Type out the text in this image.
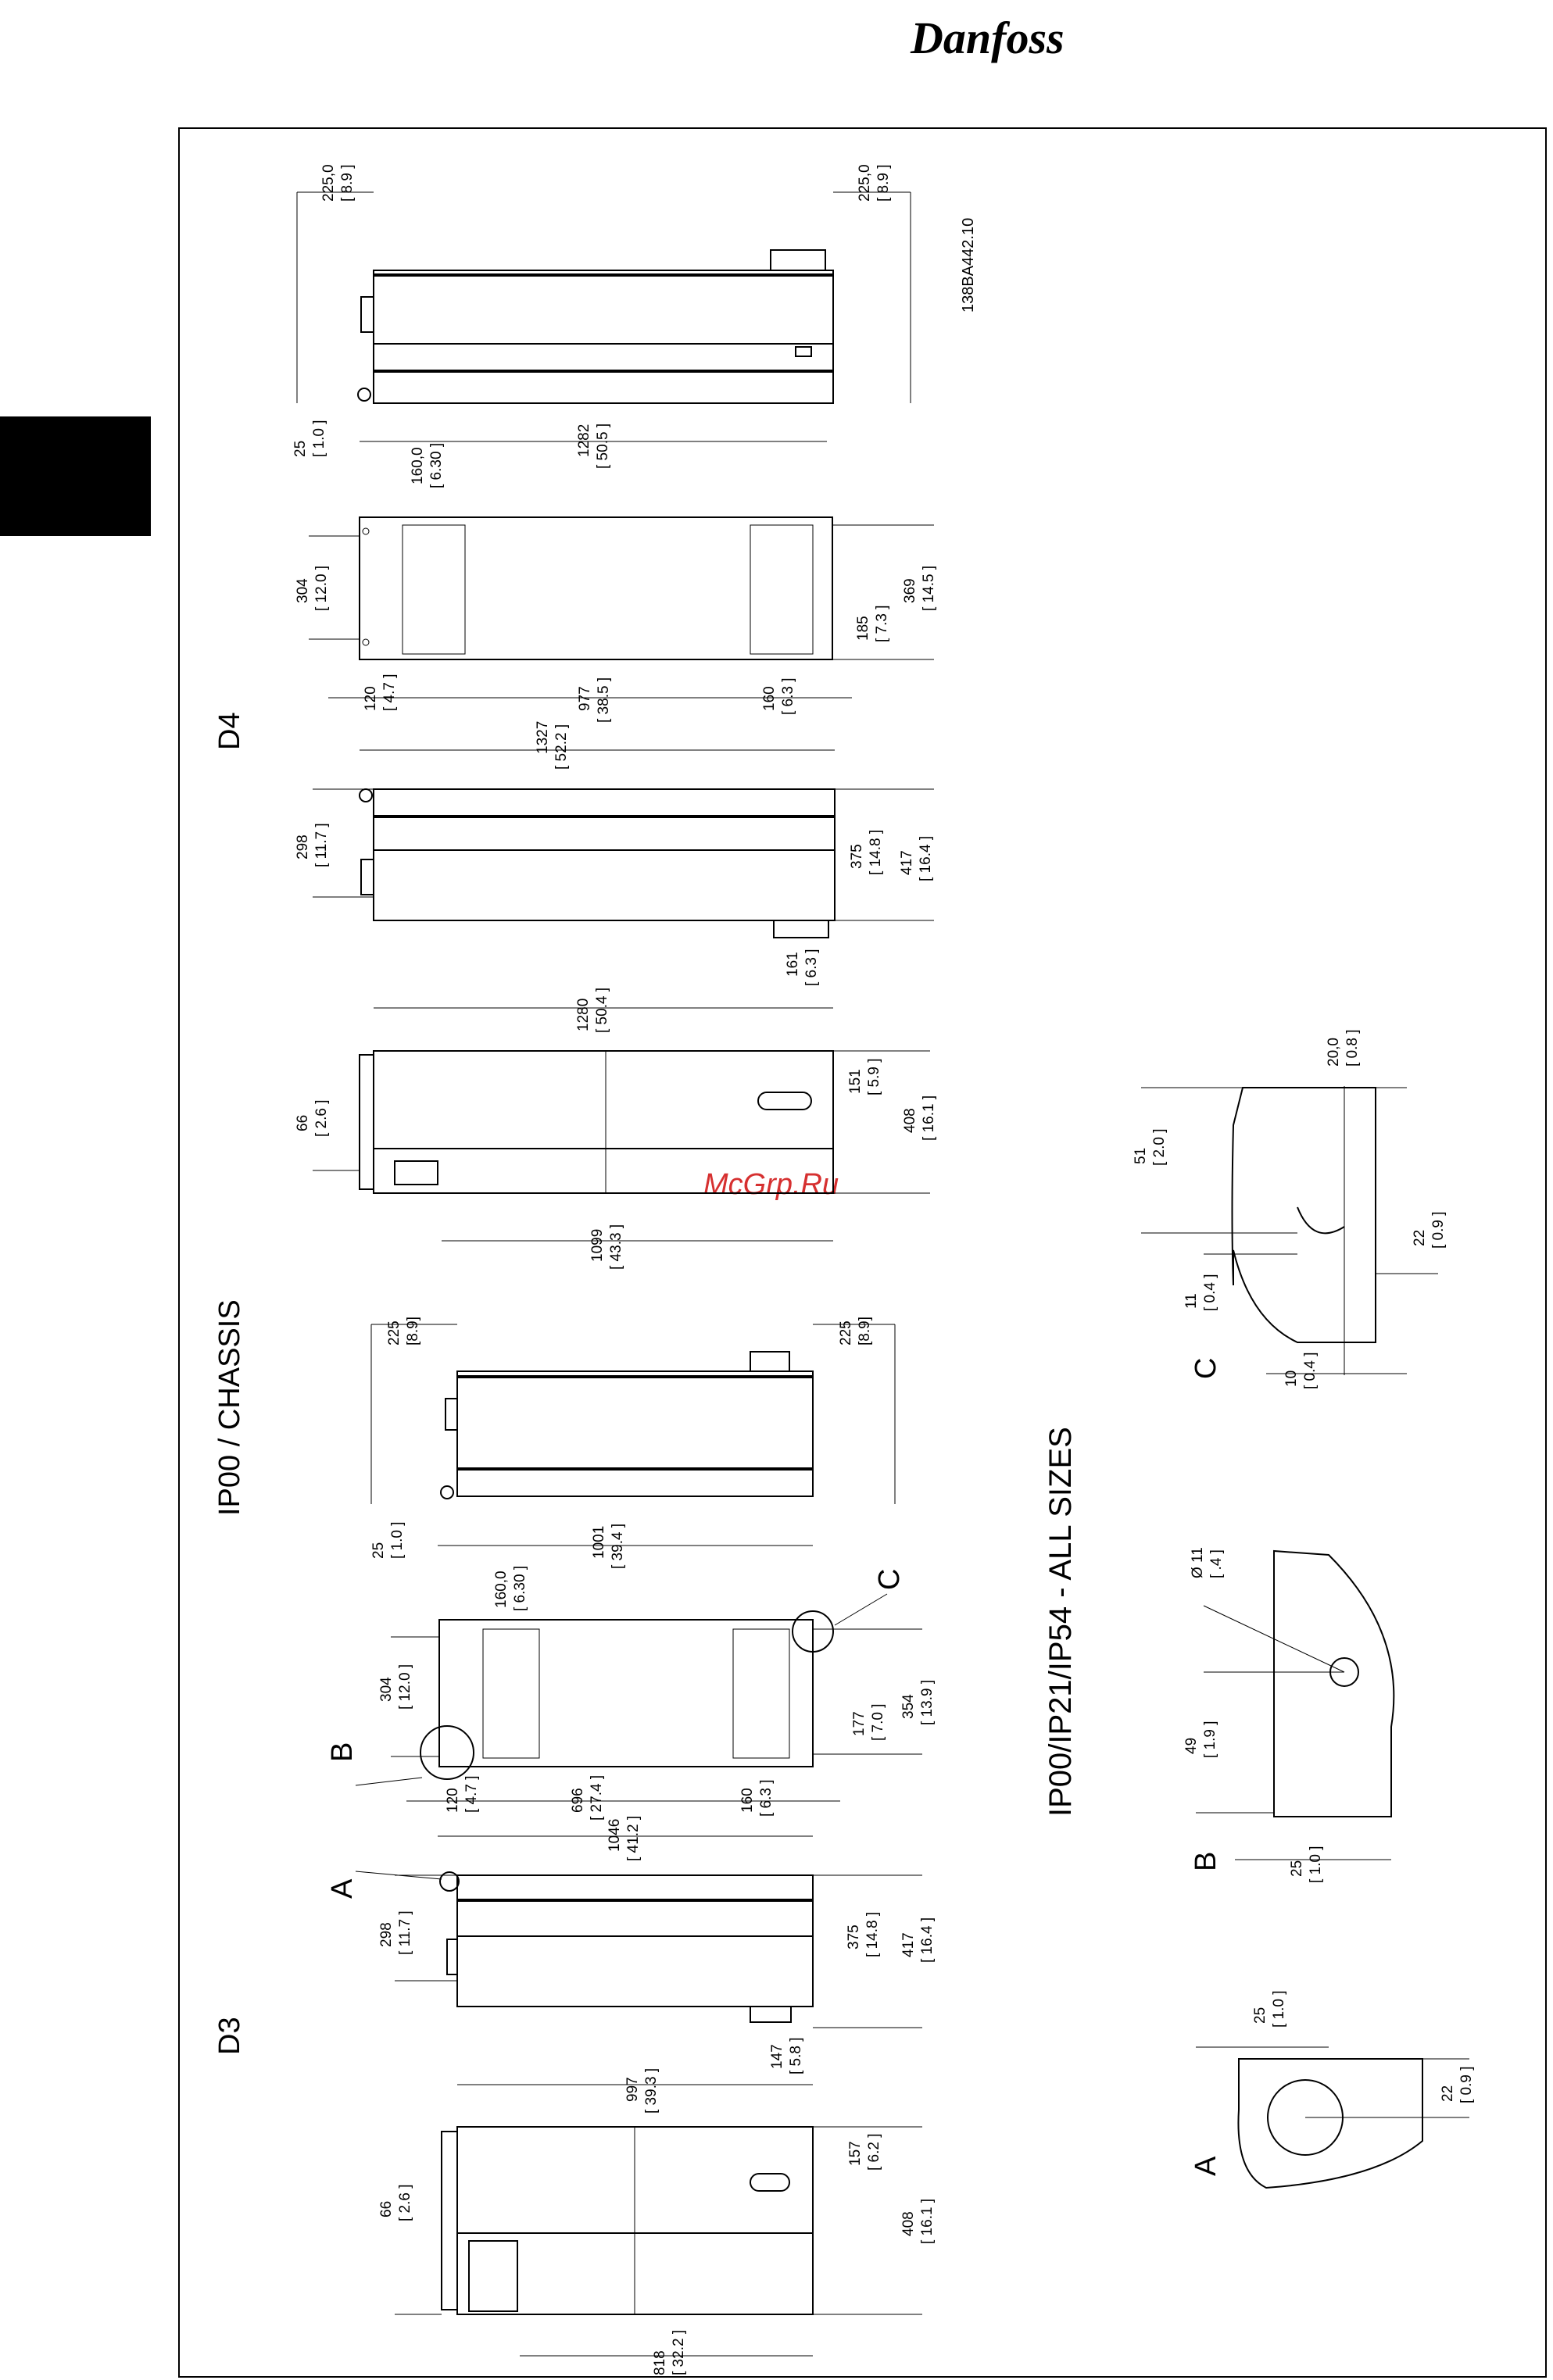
Danfoss
McGrp.Ru
D4
IP00 / CHASSIS
D3
IP00/IP21/IP54 - ALL SIZES
138BA442.10
225,0 [ 8.9 ]	225,0 [ 8.9 ]
25 [ 1.0 ]	1282 [ 50.5 ]
160,0 [ 6.30 ]
304 [ 12.0 ]
185 [ 7.3 ]
369 [ 14.5 ]
120 [ 4.7 ]	977 [ 38.5 ]	160 [ 6.3 ]
1327 [ 52.2 ]
298 [ 11.7 ]	375 [ 14.8 ] 417 [ 16.4 ]
161 [ 6.3 ]
1280 [ 50.4 ]
66 [ 2.6 ]
151 [ 5.9 ]
408 [ 16.1 ]
1099 [ 43.3 ]
225 [8.9]	225 [8.9]
25 [ 1.0 ]	1001 [ 39.4 ]
160,0 [ 6.30 ]
304 [ 12.0 ]
177 [ 7.0 ] 354 [ 13.9 ]
120 [ 4.7 ]	696 [ 27.4 ]	160 [ 6.3 ]
B
C
1046 [ 41.2 ]
298 [ 11.7 ]	375 [ 14.8 ] 417 [ 16.4 ]
147 [ 5.8 ]
A
997 [ 39.3 ]
66 [ 2.6 ]
157 [ 6.2 ]
408 [ 16.1 ]
818 [ 32.2 ]
20,0 [ 0.8 ]
51 [ 2.0 ]
22 [ 0.9 ]
11 [ 0.4 ]
10 [ 0.4 ]
C
Ø 11 [ .4 ]
49 [ 1.9 ]
25 [ 1.0 ]
B
25 [ 1.0 ]
22 [ 0.9 ]
A
